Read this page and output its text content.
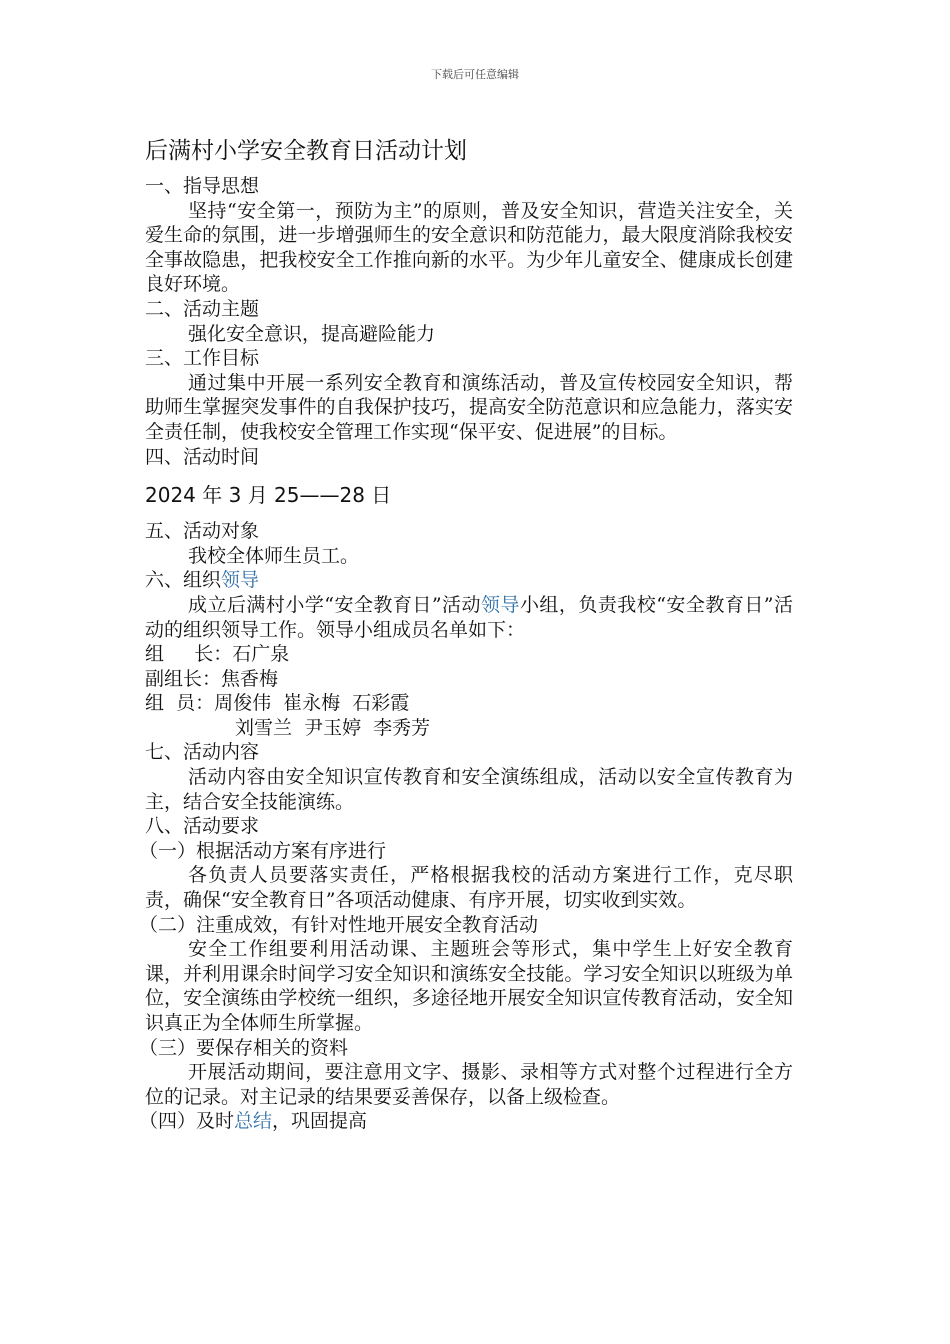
下载后可任意编辑
后满村小学安全教育日活动计划

一、指导思想

坚持“安全第一，预防为主”的原则，普及安全知识，营造关注安全，关爱生命的氛围，进一步增强师生的安全意识和防范能力，最大限度消除我校安全事故隐患，把我校安全工作推向新的水平。为少年儿童安全、健康成长创建良好环境。

二、活动主题

强化安全意识，提高避险能力

三、工作目标

通过集中开展一系列安全教育和演练活动，普及宣传校园安全知识，帮助师生掌握突发事件的自我保护技巧，提高安全防范意识和应急能力，落实安全责任制，使我校安全管理工作实现“保平安、促进展”的目标。

四、活动时间

2024 年 3 月 25——28 日

五、活动对象

我校全体师生员工。

六、组织领导

成立后满村小学“安全教育日”活动领导小组，负责我校“安全教育日”活动的组织领导工作。领导小组成员名单如下：

组     长：石广泉

副组长：焦香梅

组  员：周俊伟  崔永梅  石彩霞

刘雪兰  尹玉婷  李秀芳

七、活动内容

活动内容由安全知识宣传教育和安全演练组成，活动以安全宣传教育为主，结合安全技能演练。

八、活动要求

（一）根据活动方案有序进行

各负责人员要落实责任，严格根据我校的活动方案进行工作，克尽职责，确保“安全教育日”各项活动健康、有序开展，切实收到实效。

（二）注重成效，有针对性地开展安全教育活动

安全工作组要利用活动课、主题班会等形式，集中学生上好安全教育课，并利用课余时间学习安全知识和演练安全技能。学习安全知识以班级为单位，安全演练由学校统一组织，多途径地开展安全知识宣传教育活动，安全知识真正为全体师生所掌握。

（三）要保存相关的资料

开展活动期间，要注意用文字、摄影、录相等方式对整个过程进行全方位的记录。对主记录的结果要妥善保存，以备上级检查。

（四）及时总结，巩固提高
